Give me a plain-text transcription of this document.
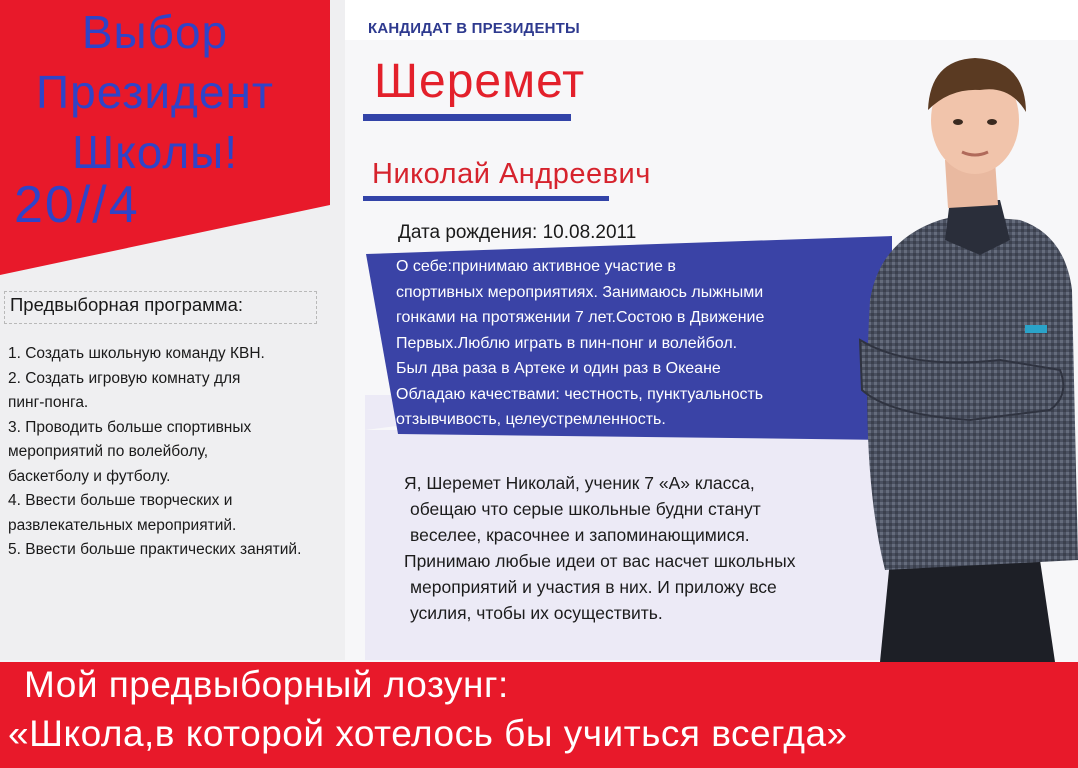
Выбор
Президент
Школы!
20//4
КАНДИДАТ В ПРЕЗИДЕНТЫ
Шеремет
Николай Андреевич
Дата рождения: 10.08.2011

О себе:принимаю активное участие в

спортивных мероприятиях. Занимаюсь лыжными

гонками на протяжении 7 лет.Состою в Движение

Первых.Люблю играть в пин-понг и волейбол.

Был два раза в Артеке и один раз в Океане

Обладаю качествами: честность, пунктуальность

отзывчивость, целеустремленность.

Я, Шеремет Николай, ученик 7 «А» класса,

обещаю что серые школьные будни станут

веселее, красочнее и запоминающимися.

Принимаю любые идеи от вас насчет школьных

мероприятий и участия в них. И приложу все

усилия, чтобы их осуществить.

Предвыборная программа:
1. Создать школьную команду КВН.
2. Создать игровую комнату для
пинг-понга.
3. Проводить больше спортивных
мероприятий по волейболу,
баскетболу и футболу.
4. Ввести больше творческих и
развлекательных мероприятий.
5. Ввести больше практических занятий.
Мой предвыборный лозунг:
«Школа,в которой хотелось бы учиться всегда»
